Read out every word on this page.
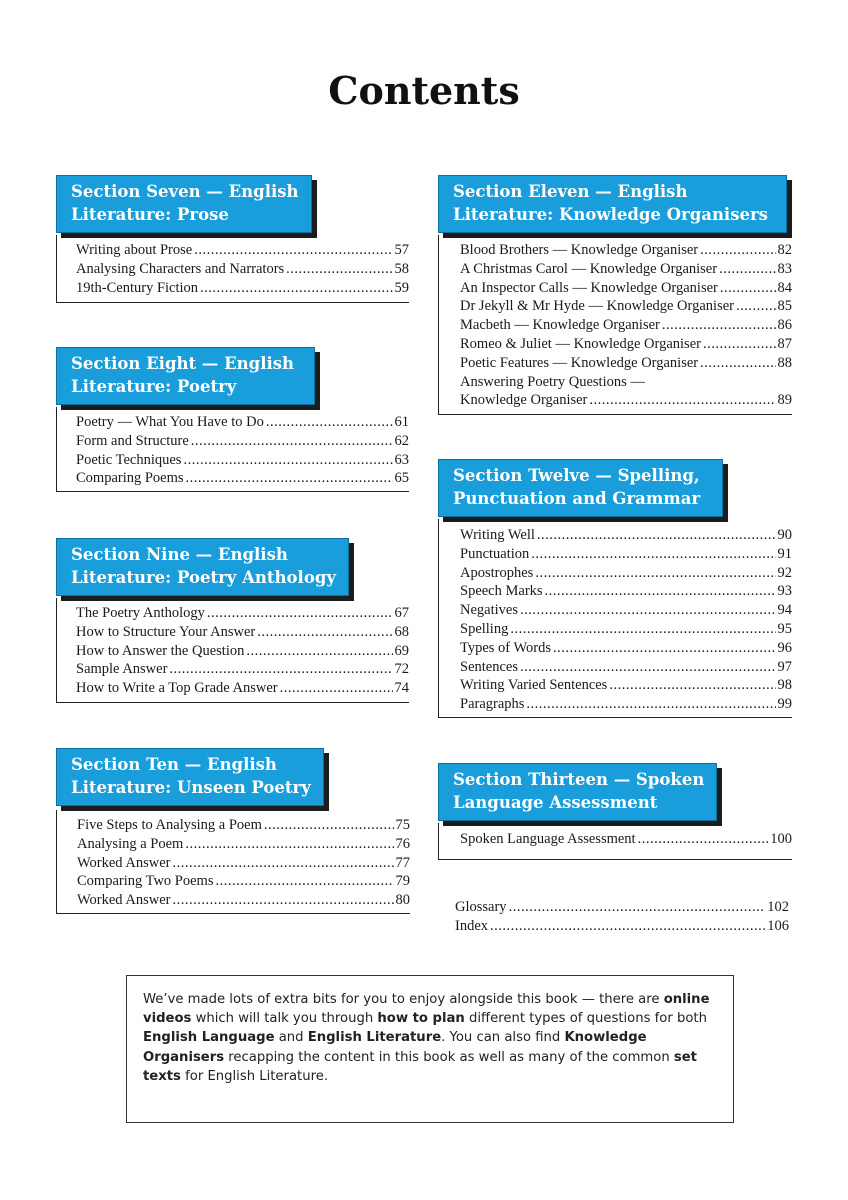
Contents
Section Seven — English
Literature: Prose
Writing about Prose .....	57
Analysing Characters and Narrators .....	58
19th-Century Fiction .....	59
Section Eight — English
Literature: Poetry
Poetry — What You Have to Do .....	61
Form and Structure .....	62
Poetic Techniques .....	63
Comparing Poems .....	65
Section Nine — English
Literature: Poetry Anthology
The Poetry Anthology .....	67
How to Structure Your Answer .....	68
How to Answer the Question .....	69
Sample Answer .....	72
How to Write a Top Grade Answer .....	74
Section Ten — English
Literature: Unseen Poetry
Five Steps to Analysing a Poem .....	75
Analysing a Poem .....	76
Worked Answer .....	77
Comparing Two Poems .....	79
Worked Answer .....	80
Section Eleven — English
Literature: Knowledge Organisers
Blood Brothers — Knowledge Organiser .....	82
A Christmas Carol — Knowledge Organiser .....	83
An Inspector Calls — Knowledge Organiser .....	84
Dr Jekyll & Mr Hyde — Knowledge Organiser .....	85
Macbeth — Knowledge Organiser .....	86
Romeo & Juliet — Knowledge Organiser .....	87
Poetic Features — Knowledge Organiser .....	88
Answering Poetry Questions —
Knowledge Organiser .....	89
Section Twelve — Spelling,
Punctuation and Grammar
Writing Well .....	90
Punctuation .....	91
Apostrophes .....	92
Speech Marks .....	93
Negatives .....	94
Spelling .....	95
Types of Words .....	96
Sentences .....	97
Writing Varied Sentences .....	98
Paragraphs .....	99
Section Thirteen — Spoken
Language Assessment
Spoken Language Assessment .....	100
Glossary .....	102
Index .....	106
We’ve made lots of extra bits for you to enjoy alongside this book — there are online videos which will talk you through how to plan different types of questions for both English Language and English Literature. You can also find Knowledge Organisers recapping the content in this book as well as many of the common set texts for English Literature.
